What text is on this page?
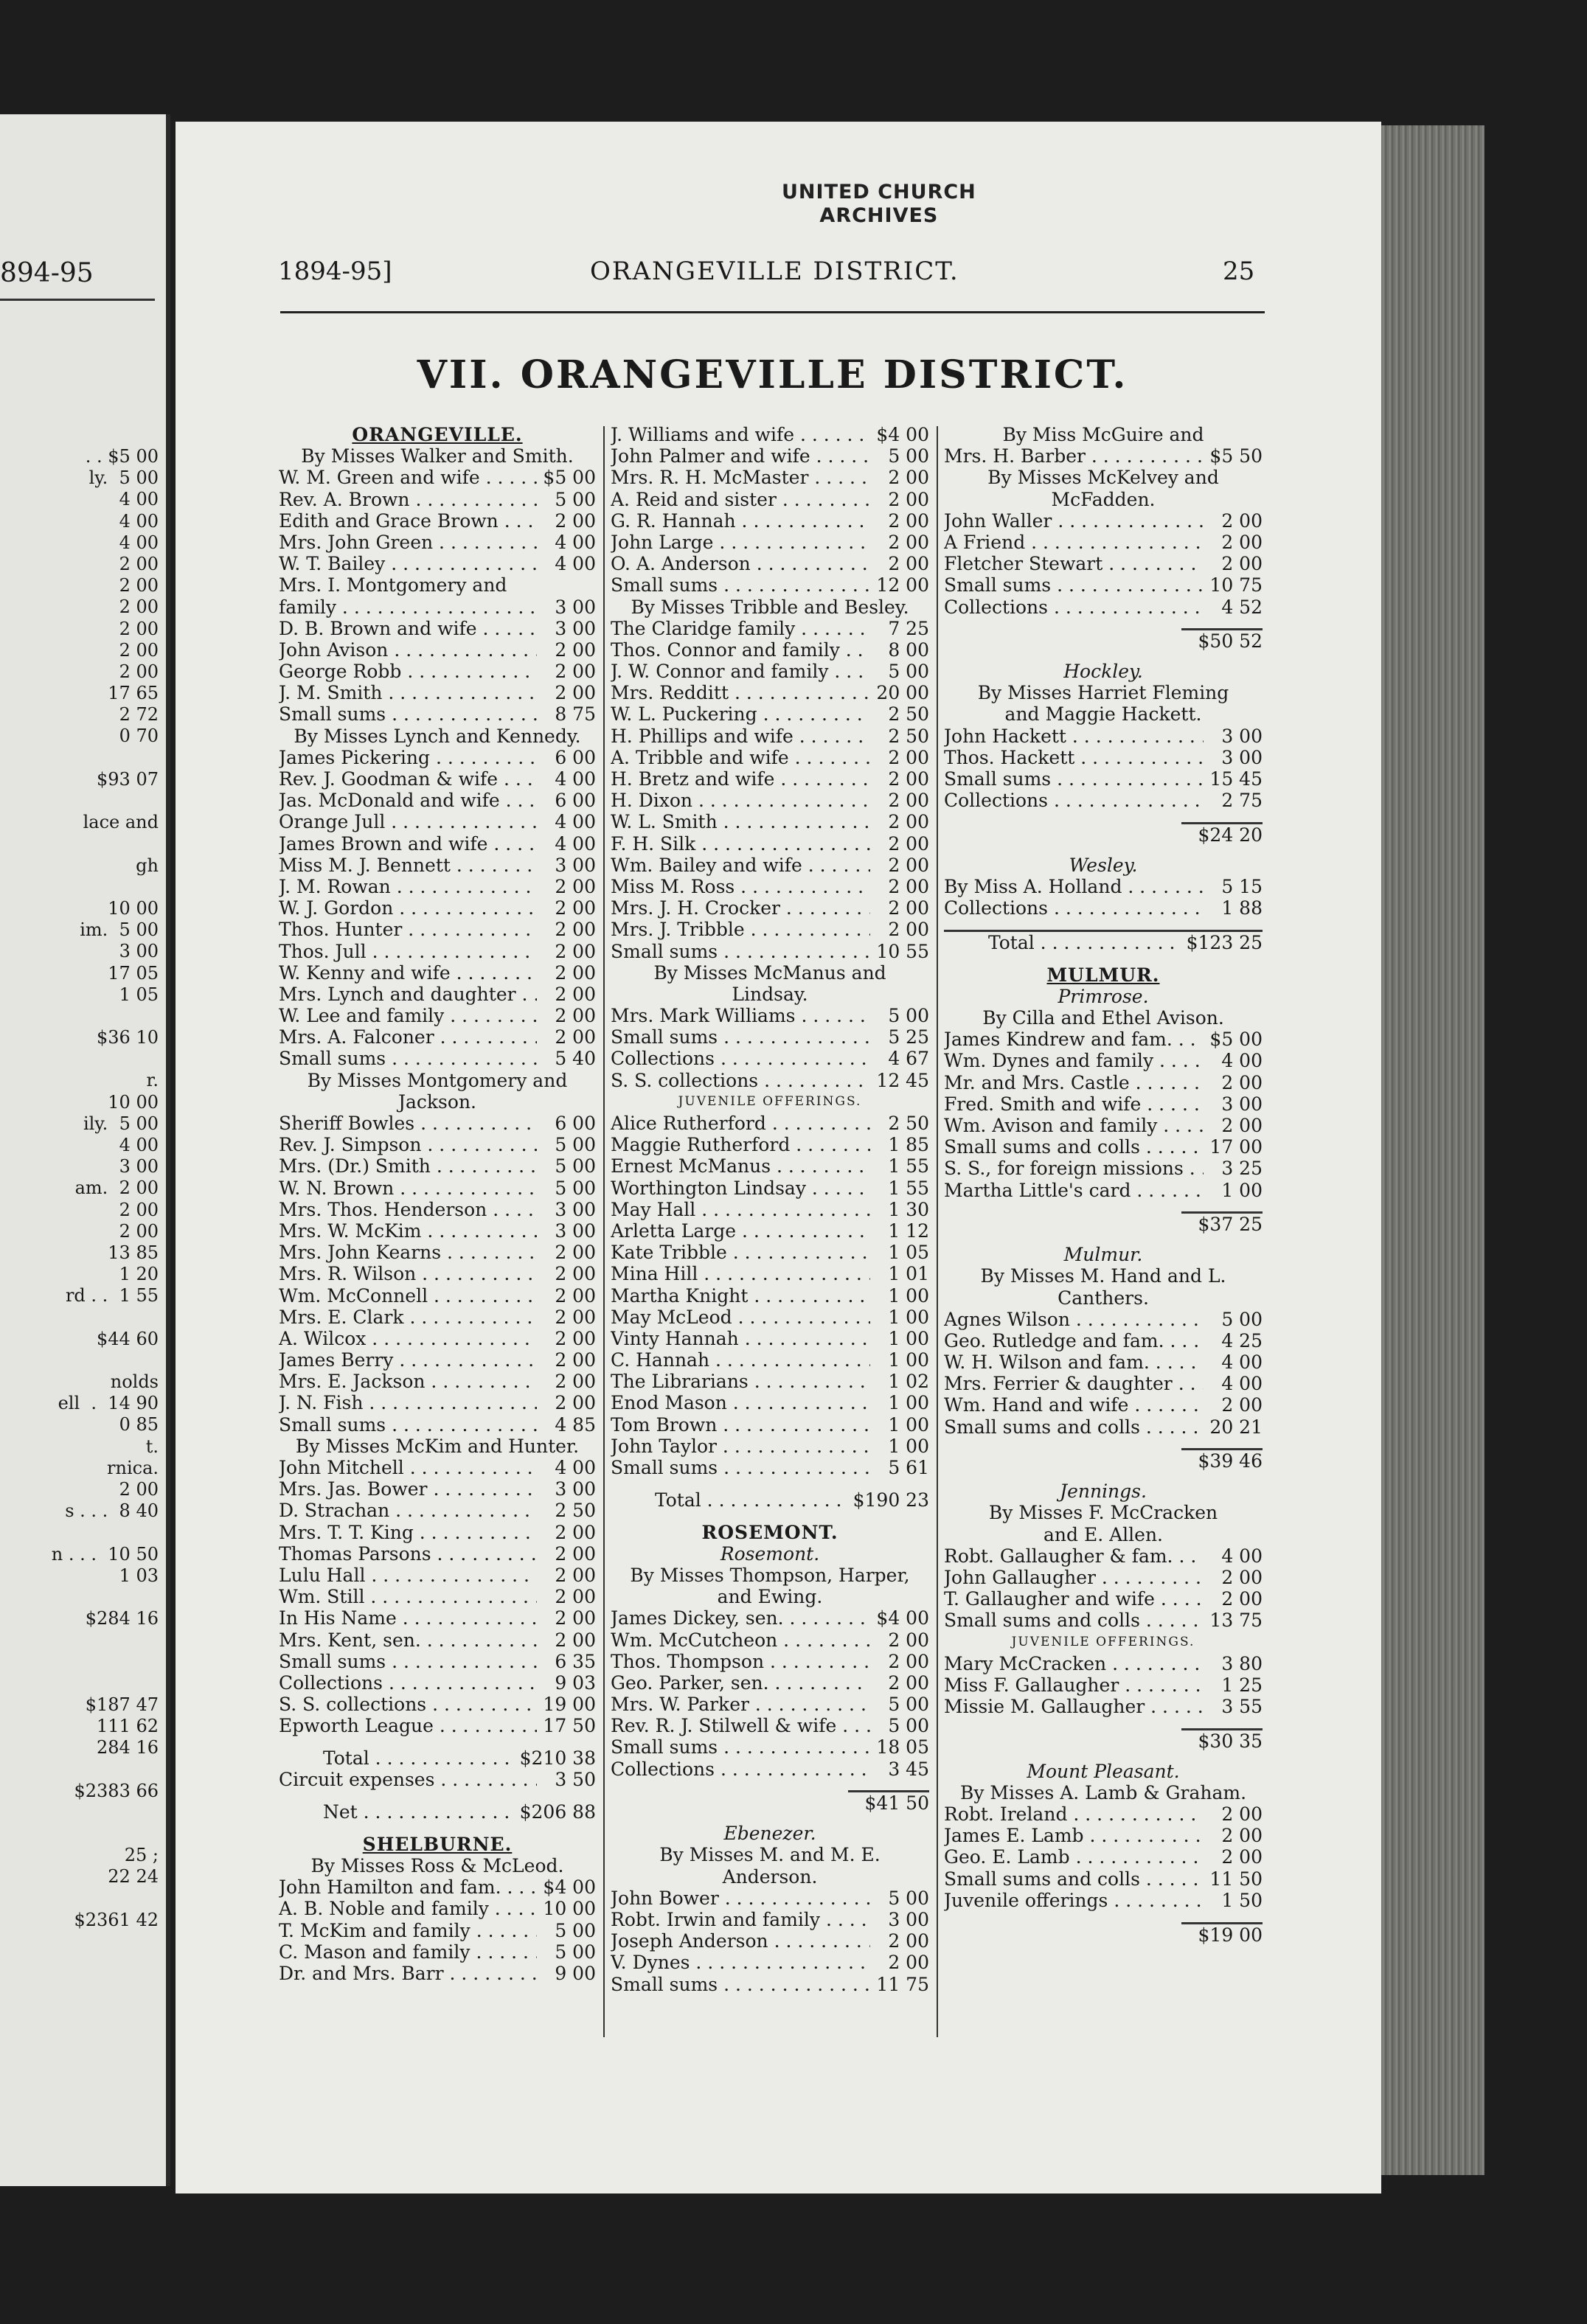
894-95
. . $5 00
ly.  5 00
4 00
4 00
4 00
2 00
2 00
2 00
2 00
2 00
2 00
17 65
2 72
0 70
$93 07
lace and
gh
10 00
im.  5 00
3 00
17 05
1 05
$36 10
r.
10 00
ily.  5 00
4 00
3 00
am.  2 00
2 00
2 00
13 85
1 20
rd . .  1 55
$44 60
nolds
ell  .  14 90
0 85
t.
rnica.
2 00
s . . .  8 40
n . . .  10 50
1 03
$284 16
$187 47
111 62
284 16
$2383 66
25 ;
22 24
$2361 42
UNITED CHURCH
ARCHIVES
1894-95]	ORANGEVILLE DISTRICT.	25
VII. ORANGEVILLE DISTRICT.
ORANGEVILLE.
By Misses Walker and Smith.
W. M. Green and wife . . .	$5 00
Rev. A. Brown . . .	5 00
Edith and Grace Brown . . .	2 00
Mrs. John Green . . .	4 00
W. T. Bailey . . .	4 00
Mrs. I. Montgomery and
family . . .	3 00
D. B. Brown and wife . . .	3 00
John Avison . . .	2 00
George Robb . . .	2 00
J. M. Smith . . .	2 00
Small sums . . .	8 75
By Misses Lynch and Kennedy.
James Pickering . . .	6 00
Rev. J. Goodman & wife . . .	4 00
Jas. McDonald and wife . . .	6 00
Orange Jull . . .	4 00
James Brown and wife . . .	4 00
Miss M. J. Bennett . . .	3 00
J. M. Rowan . . .	2 00
W. J. Gordon . . .	2 00
Thos. Hunter . . .	2 00
Thos. Jull . . .	2 00
W. Kenny and wife . . .	2 00
Mrs. Lynch and daughter . . .	2 00
W. Lee and family . . .	2 00
Mrs. A. Falconer . . .	2 00
Small sums . . .	5 40
By Misses Montgomery and
Jackson.
Sheriff Bowles . . .	6 00
Rev. J. Simpson . . .	5 00
Mrs. (Dr.) Smith . . .	5 00
W. N. Brown . . .	5 00
Mrs. Thos. Henderson . . .	3 00
Mrs. W. McKim . . .	3 00
Mrs. John Kearns . . .	2 00
Mrs. R. Wilson . . .	2 00
Wm. McConnell . . .	2 00
Mrs. E. Clark . . .	2 00
A. Wilcox . . .	2 00
James Berry . . .	2 00
Mrs. E. Jackson . . .	2 00
J. N. Fish . . .	2 00
Small sums . . .	4 85
By Misses McKim and Hunter.
John Mitchell . . .	4 00
Mrs. Jas. Bower . . .	3 00
D. Strachan . . .	2 50
Mrs. T. T. King . . .	2 00
Thomas Parsons . . .	2 00
Lulu Hall . . .	2 00
Wm. Still . . .	2 00
In His Name . . .	2 00
Mrs. Kent, sen. . . .	2 00
Small sums . . .	6 35
Collections . . .	9 03
S. S. collections . . .	19 00
Epworth League . . .	17 50
Total . . .	$210 38
Circuit expenses . . .	3 50
Net . . .	$206 88
SHELBURNE.
By Misses Ross & McLeod.
John Hamilton and fam. . . .	$4 00
A. B. Noble and family . . .	10 00
T. McKim and family . . .	5 00
C. Mason and family . . .	5 00
Dr. and Mrs. Barr . . .	9 00
J. Williams and wife . . .	$4 00
John Palmer and wife . . .	5 00
Mrs. R. H. McMaster . . .	2 00
A. Reid and sister . . .	2 00
G. R. Hannah . . .	2 00
John Large . . .	2 00
O. A. Anderson . . .	2 00
Small sums . . .	12 00
By Misses Tribble and Besley.
The Claridge family . . .	7 25
Thos. Connor and family . . .	8 00
J. W. Connor and family . . .	5 00
Mrs. Redditt . . .	20 00
W. L. Puckering . . .	2 50
H. Phillips and wife . . .	2 50
A. Tribble and wife . . .	2 00
H. Bretz and wife . . .	2 00
H. Dixon . . .	2 00
W. L. Smith . . .	2 00
F. H. Silk . . .	2 00
Wm. Bailey and wife . . .	2 00
Miss M. Ross . . .	2 00
Mrs. J. H. Crocker . . .	2 00
Mrs. J. Tribble . . .	2 00
Small sums . . .	10 55
By Misses McManus and
Lindsay.
Mrs. Mark Williams . . .	5 00
Small sums . . .	5 25
Collections . . .	4 67
S. S. collections . . .	12 45
JUVENILE OFFERINGS.
Alice Rutherford . . .	2 50
Maggie Rutherford . . .	1 85
Ernest McManus . . .	1 55
Worthington Lindsay . . .	1 55
May Hall . . .	1 30
Arletta Large . . .	1 12
Kate Tribble . . .	1 05
Mina Hill . . .	1 01
Martha Knight . . .	1 00
May McLeod . . .	1 00
Vinty Hannah . . .	1 00
C. Hannah . . .	1 00
The Librarians . . .	1 02
Enod Mason . . .	1 00
Tom Brown . . .	1 00
John Taylor . . .	1 00
Small sums . . .	5 61
Total . . .	$190 23
ROSEMONT.
Rosemont.
By Misses Thompson, Harper,
and Ewing.
James Dickey, sen. . . .	$4 00
Wm. McCutcheon . . .	2 00
Thos. Thompson . . .	2 00
Geo. Parker, sen. . . .	2 00
Mrs. W. Parker . . .	5 00
Rev. R. J. Stilwell & wife . . .	5 00
Small sums . . .	18 05
Collections . . .	3 45
$41 50
Ebenezer.
By Misses M. and M. E.
Anderson.
John Bower . . .	5 00
Robt. Irwin and family . . .	3 00
Joseph Anderson . . .	2 00
V. Dynes . . .	2 00
Small sums . . .	11 75
By Miss McGuire and
Mrs. H. Barber . . .	$5 50
By Misses McKelvey and
McFadden.
John Waller . . .	2 00
A Friend . . .	2 00
Fletcher Stewart . . .	2 00
Small sums . . .	10 75
Collections . . .	4 52
$50 52
Hockley.
By Misses Harriet Fleming
and Maggie Hackett.
John Hackett . . .	3 00
Thos. Hackett . . .	3 00
Small sums . . .	15 45
Collections . . .	2 75
$24 20
Wesley.
By Miss A. Holland . . .	5 15
Collections . . .	1 88
Total . . .	$123 25
MULMUR.
Primrose.
By Cilla and Ethel Avison.
James Kindrew and fam. . . .	$5 00
Wm. Dynes and family . . .	4 00
Mr. and Mrs. Castle . . .	2 00
Fred. Smith and wife . . .	3 00
Wm. Avison and family . . .	2 00
Small sums and colls . . .	17 00
S. S., for foreign missions . . .	3 25
Martha Little's card . . .	1 00
$37 25
Mulmur.
By Misses M. Hand and L.
Canthers.
Agnes Wilson . . .	5 00
Geo. Rutledge and fam. . . .	4 25
W. H. Wilson and fam. . . .	4 00
Mrs. Ferrier & daughter . . .	4 00
Wm. Hand and wife . . .	2 00
Small sums and colls . . .	20 21
$39 46
Jennings.
By Misses F. McCracken
and E. Allen.
Robt. Gallaugher & fam. . . .	4 00
John Gallaugher . . .	2 00
T. Gallaugher and wife . . .	2 00
Small sums and colls . . .	13 75
JUVENILE OFFERINGS.
Mary McCracken . . .	3 80
Miss F. Gallaugher . . .	1 25
Missie M. Gallaugher . . .	3 55
$30 35
Mount Pleasant.
By Misses A. Lamb & Graham.
Robt. Ireland . . .	2 00
James E. Lamb . . .	2 00
Geo. E. Lamb . . .	2 00
Small sums and colls . . .	11 50
Juvenile offerings . . .	1 50
$19 00
